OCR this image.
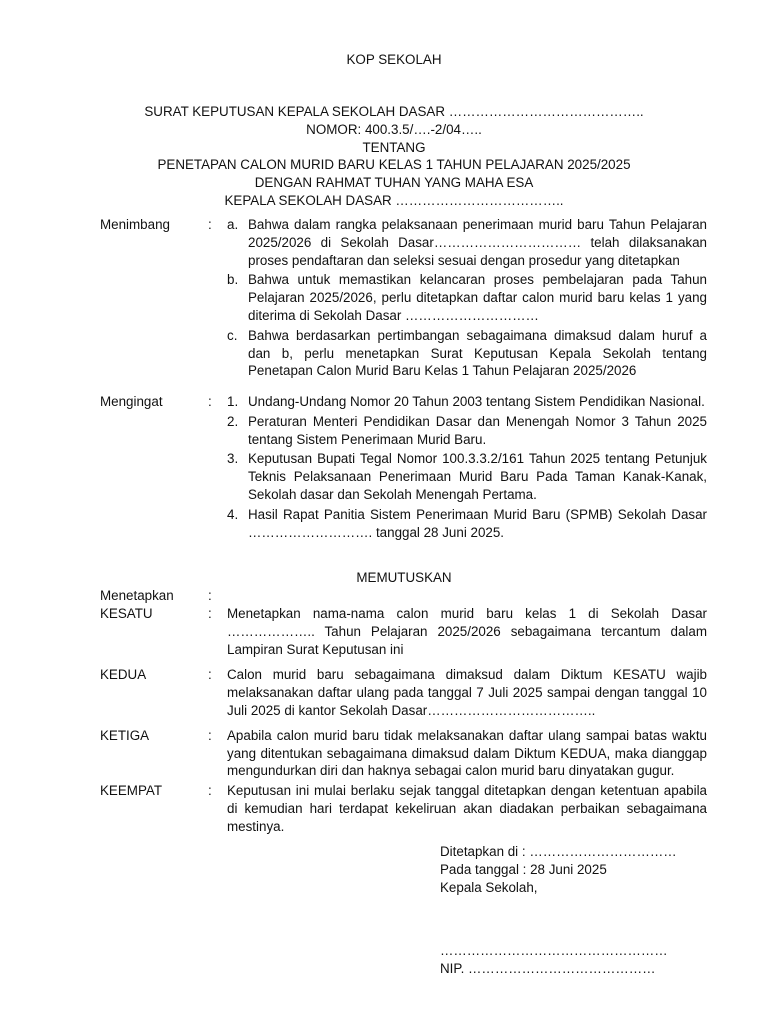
KOP SEKOLAH
SURAT KEPUTUSAN KEPALA SEKOLAH DASAR ……………………………………..
NOMOR: 400.3.5/….-2/04…..
TENTANG
PENETAPAN CALON MURID BARU KELAS 1 TAHUN PELAJARAN 2025/2025
DENGAN RAHMAT TUHAN YANG MAHA ESA
KEPALA SEKOLAH DASAR ………………………………..
Menimbang	: a. Bahwa dalam rangka pelaksanaan penerimaan murid baru Tahun Pelajaran 2025/2026 di Sekolah Dasar…………………………… telah dilaksanakan proses pendaftaran dan seleksi sesuai dengan prosedur yang ditetapkan
b. Bahwa untuk memastikan kelancaran proses pembelajaran pada Tahun Pelajaran 2025/2026, perlu ditetapkan daftar calon murid baru kelas 1 yang diterima di Sekolah Dasar …………………………
c. Bahwa berdasarkan pertimbangan sebagaimana dimaksud dalam huruf a dan b, perlu menetapkan Surat Keputusan Kepala Sekolah tentang Penetapan Calon Murid Baru Kelas 1 Tahun Pelajaran 2025/2026
Mengingat	: 1. Undang-Undang Nomor 20 Tahun 2003 tentang Sistem Pendidikan Nasional.
2. Peraturan Menteri Pendidikan Dasar dan Menengah Nomor 3 Tahun 2025 tentang Sistem Penerimaan Murid Baru.
3. Keputusan Bupati Tegal Nomor 100.3.3.2/161 Tahun 2025 tentang Petunjuk Teknis Pelaksanaan Penerimaan Murid Baru Pada Taman Kanak-Kanak, Sekolah dasar dan Sekolah Menengah Pertama.
4. Hasil Rapat Panitia Sistem Penerimaan Murid Baru (SPMB) Sekolah Dasar ………………………. tanggal 28 Juni 2025.
MEMUTUSKAN
Menetapkan	:
KESATU	: Menetapkan nama-nama calon murid baru kelas 1 di Sekolah Dasar ……………….. Tahun Pelajaran 2025/2026 sebagaimana tercantum dalam Lampiran Surat Keputusan ini
KEDUA	: Calon murid baru sebagaimana dimaksud dalam Diktum KESATU wajib melaksanakan daftar ulang pada tanggal 7 Juli 2025 sampai dengan tanggal 10 Juli 2025 di kantor Sekolah Dasar………………………………..
KETIGA	: Apabila calon murid baru tidak melaksanakan daftar ulang sampai batas waktu yang ditentukan sebagaimana dimaksud dalam Diktum KEDUA, maka dianggap mengundurkan diri dan haknya sebagai calon murid baru dinyatakan gugur.
KEEMPAT	: Keputusan ini mulai berlaku sejak tanggal ditetapkan dengan ketentuan apabila di kemudian hari terdapat kekeliruan akan diadakan perbaikan sebagaimana mestinya.
Ditetapkan di : ……………………………
Pada tanggal : 28 Juni 2025
Kepala Sekolah,
……………………………………………
NIP. ……………………………………
